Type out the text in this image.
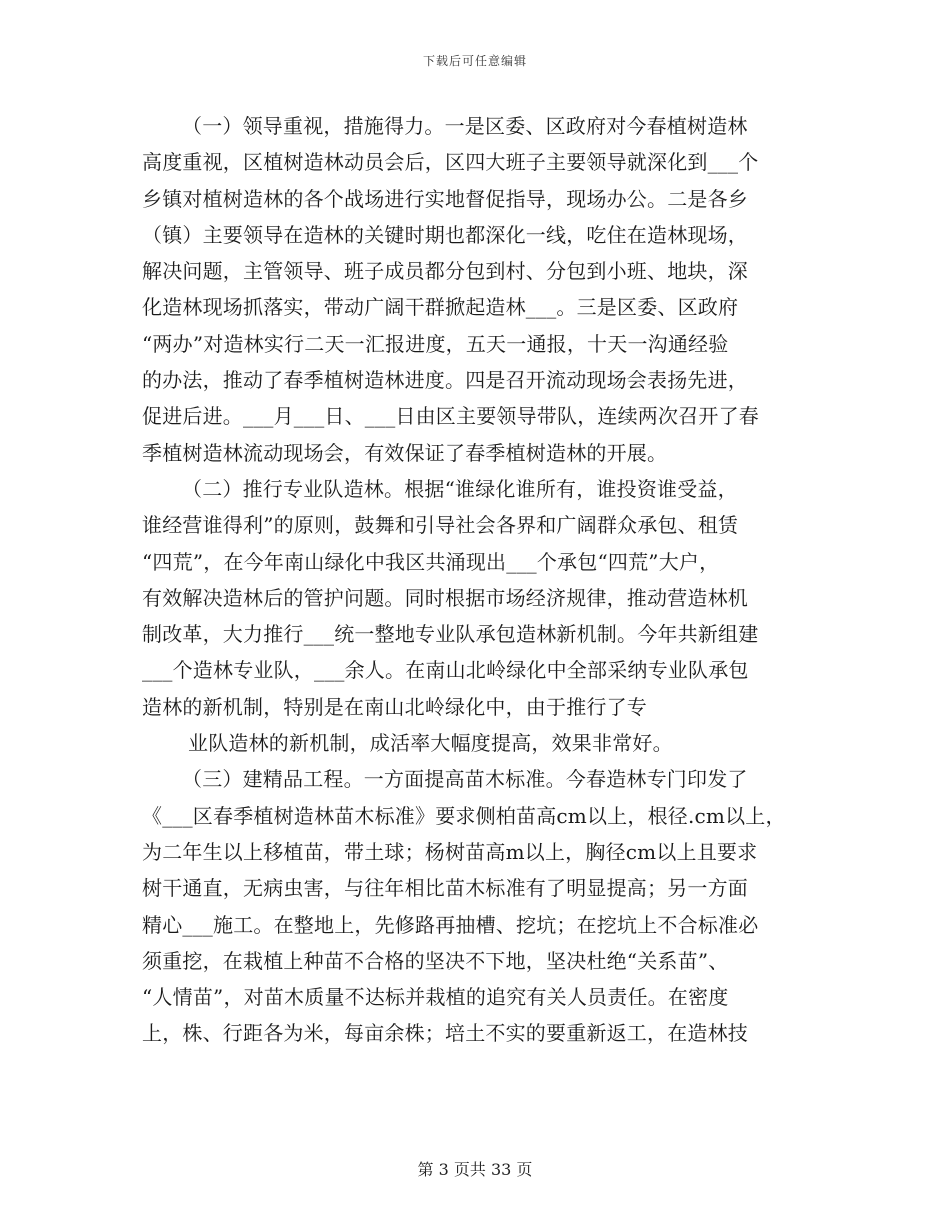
下载后可任意编辑
（一）领导重视，措施得力。一是区委、区政府对今春植树造林
高度重视，区植树造林动员会后，区四大班子主要领导就深化到___个
乡镇对植树造林的各个战场进行实地督促指导，现场办公。二是各乡
（镇）主要领导在造林的关键时期也都深化一线，吃住在造林现场，
解决问题，主管领导、班子成员都分包到村、分包到小班、地块，深
化造林现场抓落实，带动广阔干群掀起造林___。三是区委、区政府
“两办”对造林实行二天一汇报进度，五天一通报，十天一沟通经验
的办法，推动了春季植树造林进度。四是召开流动现场会表扬先进，
促进后进。___月___日、___日由区主要领导带队，连续两次召开了春
季植树造林流动现场会，有效保证了春季植树造林的开展。
（二）推行专业队造林。根据“谁绿化谁所有，谁投资谁受益，
谁经营谁得利”的原则，鼓舞和引导社会各界和广阔群众承包、租赁
“四荒”，在今年南山绿化中我区共涌现出___个承包“四荒”大户，
有效解决造林后的管护问题。同时根据市场经济规律，推动营造林机
制改革，大力推行___统一整地专业队承包造林新机制。今年共新组建
___个造林专业队，___余人。在南山北岭绿化中全部采纳专业队承包
造林的新机制，特别是在南山北岭绿化中，由于推行了专
业队造林的新机制，成活率大幅度提高，效果非常好。
（三）建精品工程。一方面提高苗木标准。今春造林专门印发了
《___区春季植树造林苗木标准》要求侧柏苗高cm以上，根径.cm以上，
为二年生以上移植苗，带土球；杨树苗高m以上，胸径cm以上且要求
树干通直，无病虫害，与往年相比苗木标准有了明显提高；另一方面
精心___施工。在整地上，先修路再抽槽、挖坑；在挖坑上不合标准必
须重挖，在栽植上种苗不合格的坚决不下地，坚决杜绝“关系苗”、
“人情苗”，对苗木质量不达标并栽植的追究有关人员责任。在密度
上，株、行距各为米，每亩余株；培土不实的要重新返工，在造林技
第 3 页共 33 页
